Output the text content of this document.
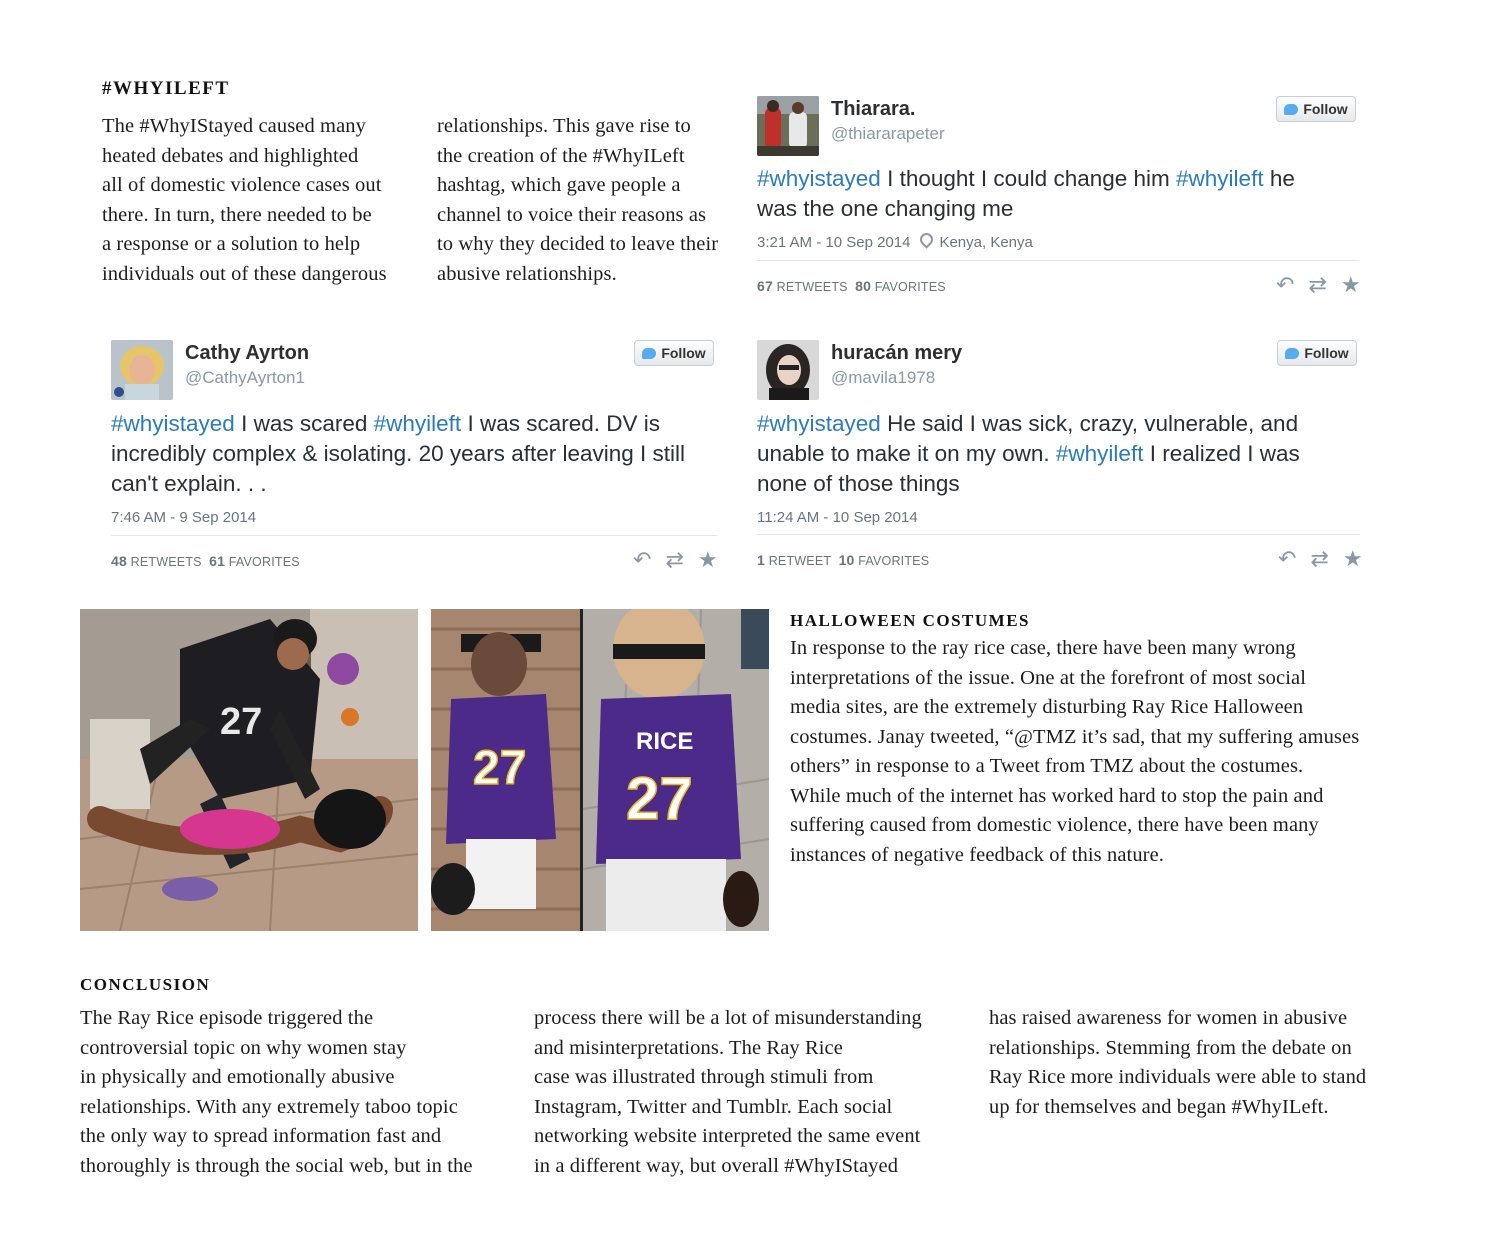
#WHYILEFT
The #WhyIStayed caused many
heated debates and highlighted
all of domestic violence cases out
there. In turn, there needed to be
a response or a solution to help
individuals out of these dangerous
relationships. This gave rise to
the creation of the #WhyILeft
hashtag, which gave people a
channel to voice their reasons as
to why they decided to leave their
abusive relationships.
Thiarara.
@thiararapeter
Follow
#whyistayed I thought I could change him #whyileft he
was the one changing me
3:21 AM - 10 Sep 2014 Kenya, Kenya
67 RETWEETS 80 FAVORITES	↶ ⇄ ★
Cathy Ayrton
@CathyAyrton1
Follow
#whyistayed I was scared #whyileft I was scared. DV is
incredibly complex & isolating. 20 years after leaving I still
can't explain. . .
7:46 AM - 9 Sep 2014
48 RETWEETS 61 FAVORITES	↶ ⇄ ★
huracán mery
@mavila1978
Follow
#whyistayed He said I was sick, crazy, vulnerable, and
unable to make it on my own. #whyileft I realized I was
none of those things
11:24 AM - 10 Sep 2014
1 RETWEET 10 FAVORITES	↶ ⇄ ★
27
27
RICE
27
HALLOWEEN COSTUMES
In response to the ray rice case, there have been many wrong
interpretations of the issue. One at the forefront of most social
media sites, are the extremely disturbing Ray Rice Halloween
costumes. Janay tweeted, “@TMZ it’s sad, that my suffering amuses
others” in response to a Tweet from TMZ about the costumes.
While much of the internet has worked hard to stop the pain and
suffering caused from domestic violence, there have been many
instances of negative feedback of this nature.
CONCLUSION
The Ray Rice episode triggered the
controversial topic on why women stay
in physically and emotionally abusive
relationships. With any extremely taboo topic
the only way to spread information fast and
thoroughly is through the social web, but in the
process there will be a lot of misunderstanding
and misinterpretations. The Ray Rice
case was illustrated through stimuli from
Instagram, Twitter and Tumblr. Each social
networking website interpreted the same event
in a different way, but overall #WhyIStayed
has raised awareness for women in abusive
relationships. Stemming from the debate on
Ray Rice more individuals were able to stand
up for themselves and began #WhyILeft.
